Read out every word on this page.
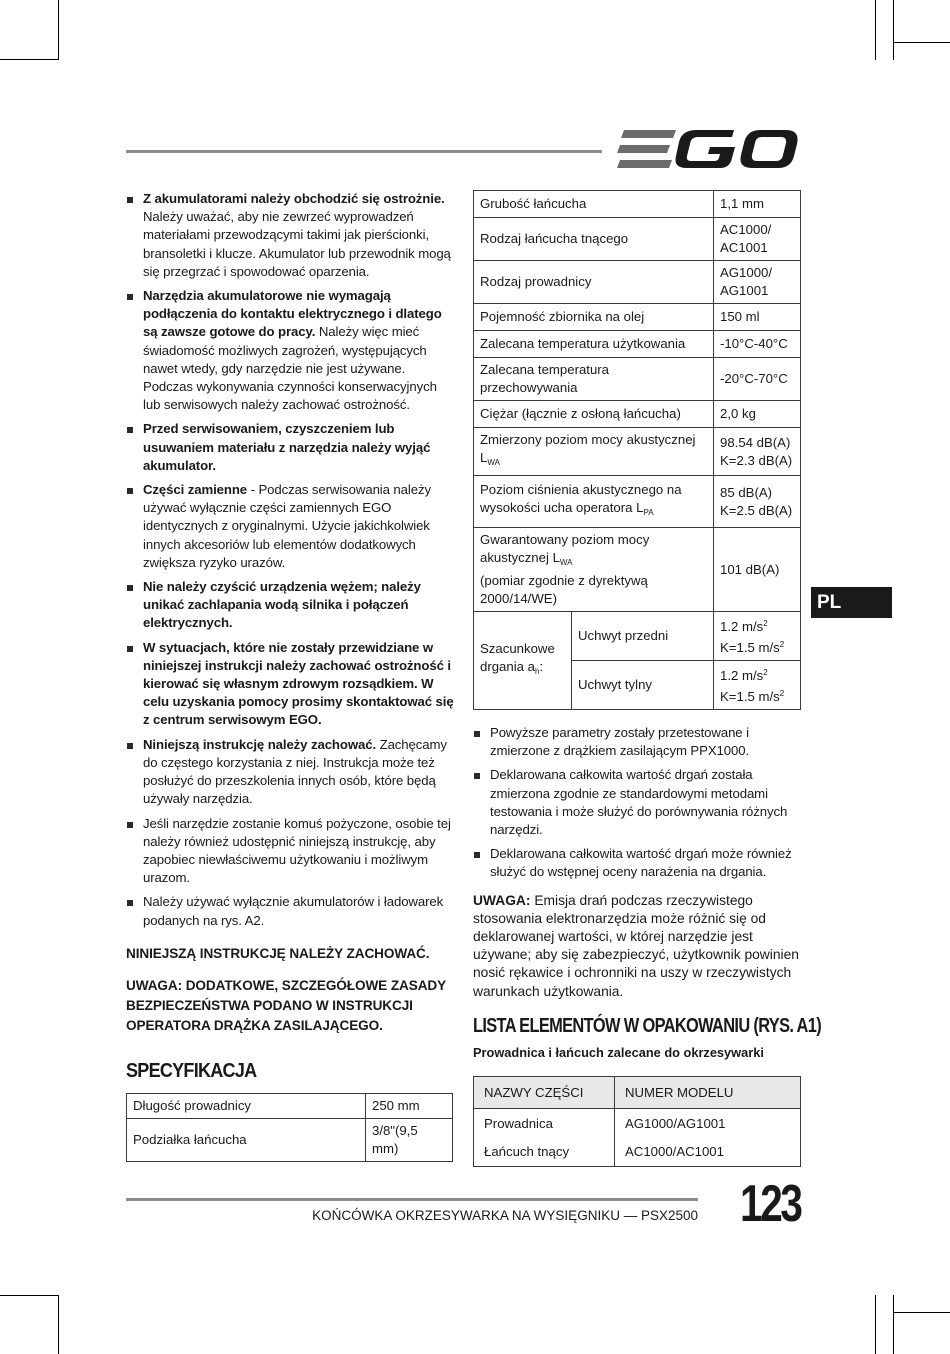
Z akumulatorami należy obchodzić się ostrożnie. Należy uważać, aby nie zewrzeć wyprowadzeń materiałami przewodzącymi takimi jak pierścionki, bransoletki i klucze. Akumulator lub przewodnik mogą się przegrzać i spowodować oparzenia.
Narzędzia akumulatorowe nie wymagają podłączenia do kontaktu elektrycznego i dlatego są zawsze gotowe do pracy. Należy więc mieć świadomość możliwych zagrożeń, występujących nawet wtedy, gdy narzędzie nie jest używane. Podczas wykonywania czynności konserwacyjnych lub serwisowych należy zachować ostrożność.
Przed serwisowaniem, czyszczeniem lub usuwaniem materiału z narzędzia należy wyjąć akumulator.
Części zamienne - Podczas serwisowania należy używać wyłącznie części zamiennych EGO identycznych z oryginalnymi. Użycie jakichkolwiek innych akcesoriów lub elementów dodatkowych zwiększa ryzyko urazów.
Nie należy czyścić urządzenia wężem; należy unikać zachlapania wodą silnika i połączeń elektrycznych.
W sytuacjach, które nie zostały przewidziane w niniejszej instrukcji należy zachować ostrożność i kierować się własnym zdrowym rozsądkiem. W celu uzyskania pomocy prosimy skontaktować się z centrum serwisowym EGO.
Niniejszą instrukcję należy zachować. Zachęcamy do częstego korzystania z niej. Instrukcja może też posłużyć do przeszkolenia innych osób, które będą używały narzędzia.
Jeśli narzędzie zostanie komuś pożyczone, osobie tej należy również udostępnić niniejszą instrukcję, aby zapobiec niewłaściwemu użytkowaniu i możliwym urazom.
Należy używać wyłącznie akumulatorów i ładowarek podanych na rys. A2.

NINIEJSZĄ INSTRUKCJĘ NALEŻY ZACHOWAĆ.

UWAGA: DODATKOWE, SZCZEGÓŁOWE ZASADY BEZPIECZEŃSTWA PODANO W INSTRUKCJI OPERATORA DRĄŻKA ZASILAJĄCEGO.

SPECYFIKACJA

Długość prowadnicy	250 mm
Podziałka łańcucha	3/8"(9,5 mm)
Grubość łańcucha		1,1 mm
Rodzaj łańcucha tnącego		AC1000/
AC1001
Rodzaj prowadnicy		AG1000/
AG1001
Pojemność zbiornika na olej		150 ml
Zalecana temperatura użytkowania		-10°C-40°C
Zalecana temperatura przechowywania		-20°C-70°C
Ciężar (łącznie z osłoną łańcucha)		2,0 kg
Zmierzony poziom mocy akustycznej $L_{WA}$		98.54 dB(A)
K=2.3 dB(A)
Poziom ciśnienia akustycznego na
wysokości ucha operatora $L_{PA}$		85 dB(A)
K=2.5 dB(A)
Gwarantowany poziom mocy
akustycznej $L_{WA}$
(pomiar zgodnie z dyrektywą 2000/14/WE)		101 dB(A)
Szacunkowe
drgania $a_h$:	Uchwyt przedni	1.2 $m/s^2$
K=1.5 $m/s^2$
	Uchwyt tylny	1.2 $m/s^2$
K=1.5 $m/s^2$
Powyższe parametry zostały przetestowane i zmierzone z drążkiem zasilającym PPX1000.
Deklarowana całkowita wartość drgań została zmierzona zgodnie ze standardowymi metodami testowania i może służyć do porównywania różnych narzędzi.
Deklarowana całkowita wartość drgań może również służyć do wstępnej oceny narażenia na drgania.

UWAGA: Emisja drań podczas rzeczywistego stosowania elektronarzędzia może różnić się od deklarowanej wartości, w której narzędzie jest używane; aby się zabezpieczyć, użytkownik powinien nosić rękawice i ochronniki na uszy w rzeczywistych warunkach użytkowania.

LISTA ELEMENTÓW W OPAKOWANIU (RYS. A1)

Prowadnica i łańcuch zalecane do okrzesywarki

NAZWY CZĘŚCI	NUMER MODELU
Prowadnica	AG1000/AG1001
Łańcuch tnący	AC1000/AC1001
PL
KOŃCÓWKA OKRZESYWARKA NA WYSIĘGNIKU — PSX2500 123
